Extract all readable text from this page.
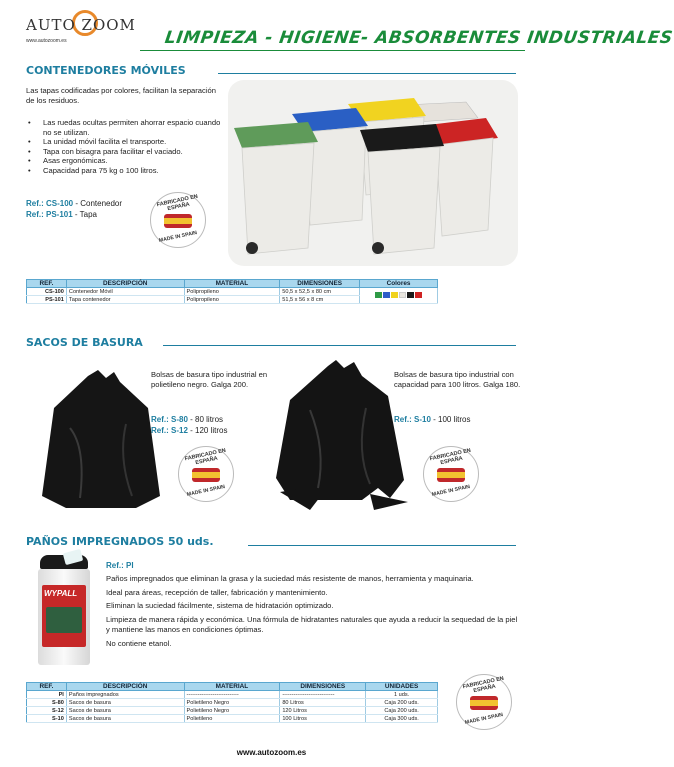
AUTO ZOOM
www.autozoom.es	LIMPIEZA - HIGIENE- ABSORBENTES INDUSTRIALES
CONTENEDORES MÓVILES
Las tapas codificadas por colores, facilitan la separación de los residuos.
• Las ruedas ocultas permiten ahorrar espacio cuando no se utilizan.
• La unidad móvil facilita el transporte.
• Tapa con bisagra para facilitar el vaciado.
• Asas ergonómicas.
• Capacidad para 75 kg o 100 litros.
Ref.: CS-100 - Contenedor
Ref.: PS-101 - Tapa
FABRICADO EN ESPAÑA
MADE IN SPAIN
REF.	DESCRIPCIÓN	MATERIAL	DIMENSIONES	Colores
CS-100	Contenedor Móvil	Polipropileno	50,5 x 52,5 x 80 cm	
PS-101	Tapa contenedor	Polipropileno	51,5 x 56 x 8 cm	
SACOS DE BASURA
Bolsas de basura tipo industrial en polietileno negro. Galga 200.
Ref.: S-80 - 80 litros
Ref.: S-12 - 120 litros
FABRICADO EN ESPAÑA
MADE IN SPAIN
Bolsas de basura tipo industrial con capacidad para 100 litros. Galga 180.
Ref.: S-10 - 100 litros
FABRICADO EN ESPAÑA
MADE IN SPAIN
PAÑOS IMPREGNADOS 50 uds.
WYPALL
Ref.: PI

Paños impregnados que eliminan la grasa y la suciedad más resistente de manos, herramienta y maquinaria.

Ideal para áreas, recepción de taller, fabricación y mantenimiento.

Eliminan la suciedad fácilmente, sistema de hidratación optimizado.

Limpieza de manera rápida y económica. Una fórmula de hidratantes naturales que ayuda a reducir la sequedad de la piel y mantiene las manos en condiciones óptimas.

No contiene etanol.

REF.	DESCRIPCIÓN	MATERIAL	DIMENSIONES	UNIDADES
PI	Paños impregnados	----------------------------	----------------------------	1 uds.
S-80	Sacos de basura	Polietileno Negro	80 Litros	Caja 200 uds.
S-12	Sacos de basura	Polietileno Negro	120 Litros	Caja 200 uds.
S-10	Sacos de basura	Polietileno	100 Litros	Caja 300 uds.
FABRICADO EN ESPAÑA
MADE IN SPAIN
www.autozoom.es
